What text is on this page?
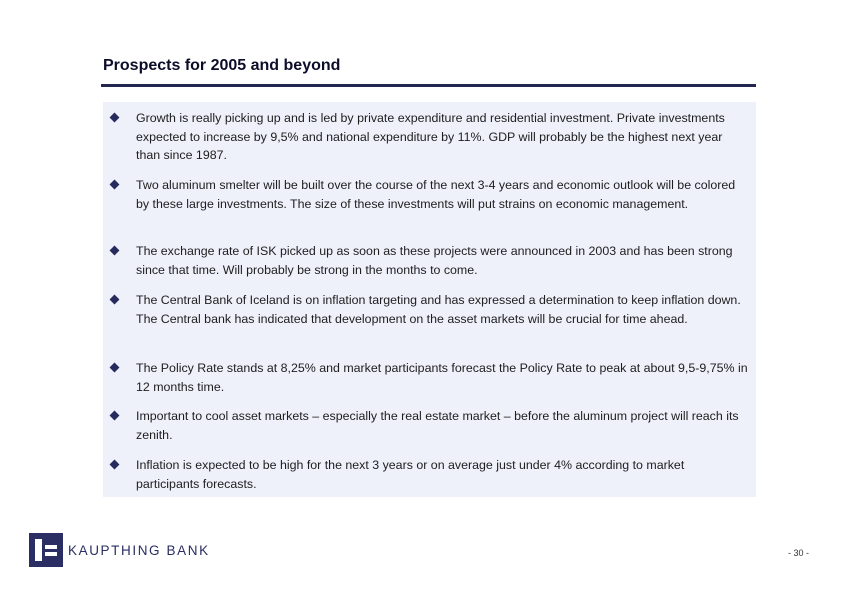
Prospects for 2005 and beyond
Growth is really picking up and is led by private expenditure and residential investment. Private investments expected to increase by 9,5% and national expenditure by 11%. GDP will probably be the highest next year than since 1987.
Two aluminum smelter will be built over the course of the next 3-4 years and economic outlook will be colored by these large investments. The size of these investments will put strains on economic management.
The exchange rate of ISK picked up as soon as these projects were announced in 2003 and has been strong since that time. Will probably be strong in the months to come.
The Central Bank of Iceland is on inflation targeting and has expressed a determination to keep inflation down. The Central bank has indicated that development on the asset markets will be crucial for time ahead.
The Policy Rate stands at 8,25% and market participants forecast the Policy Rate to peak at about 9,5-9,75% in 12 months time.
Important to cool asset markets – especially the real estate market – before the aluminum project will reach its zenith.
Inflation is expected to be high for the next 3 years or on average just under 4% according to market participants forecasts.
KAUPTHING BANK	- 30 -
